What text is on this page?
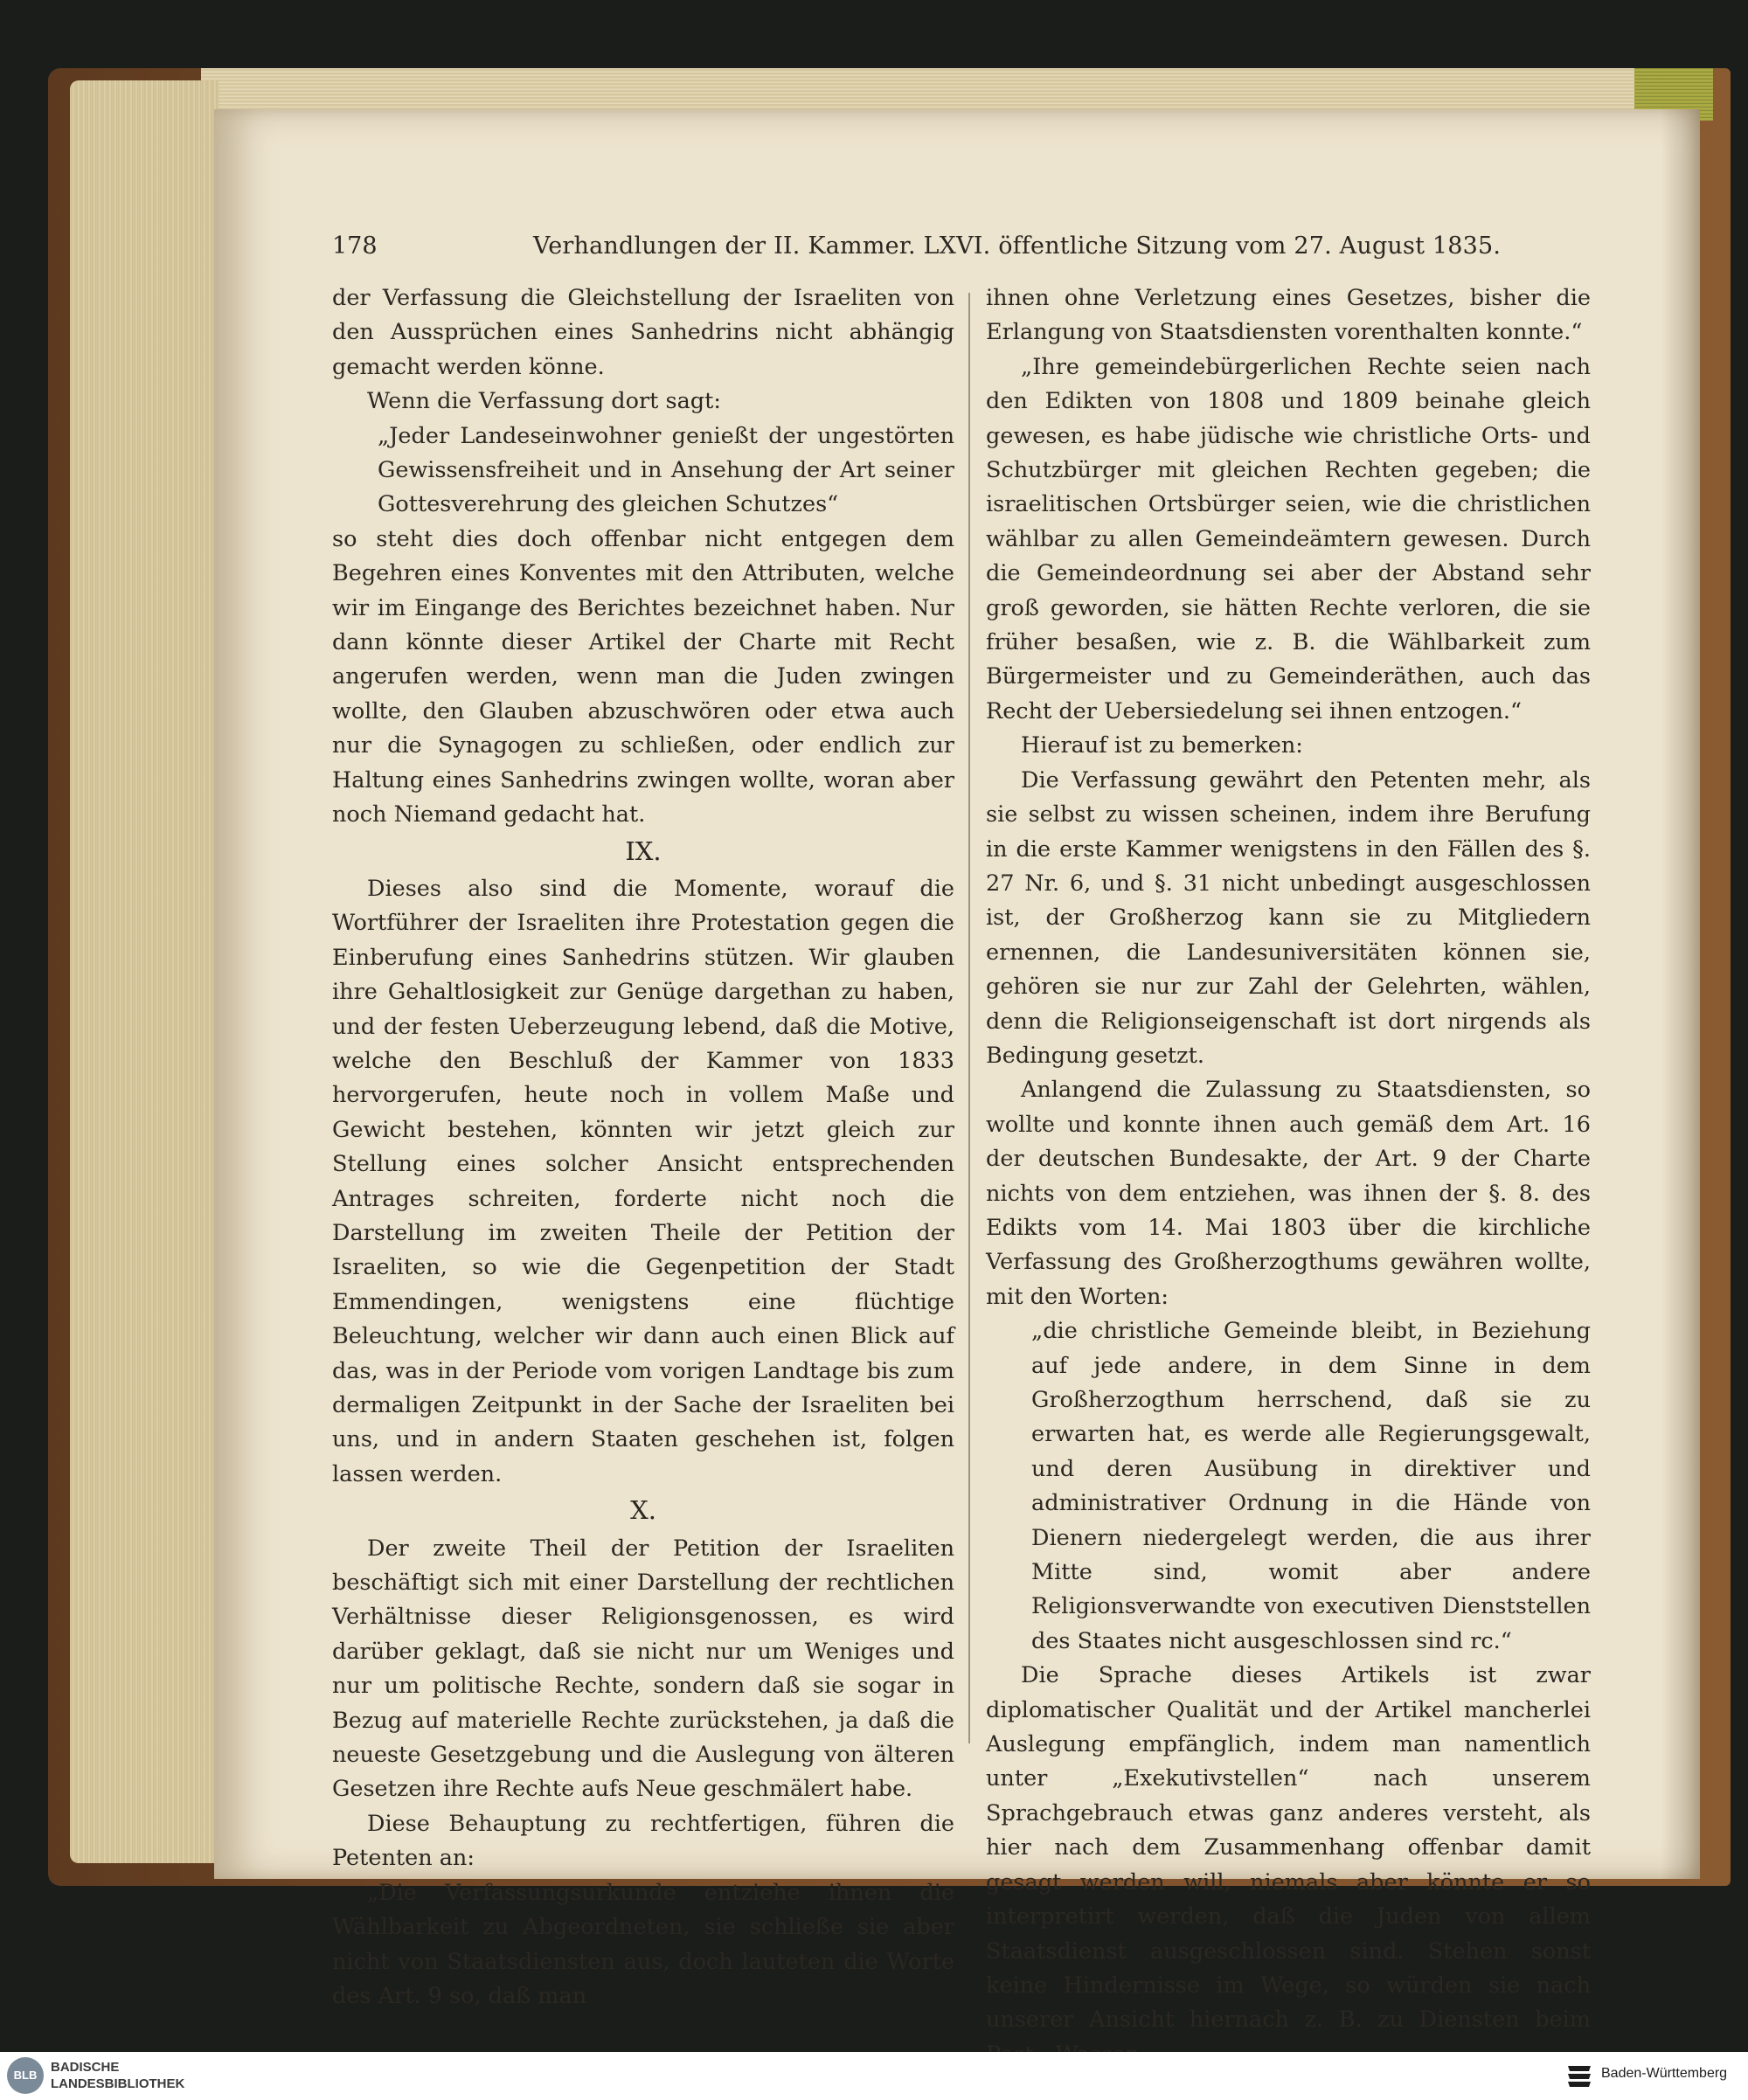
178	Verhandlungen der II. Kammer. LXVI. öffentliche Sitzung vom 27. August 1835.

der Verfassung die Gleichstellung der Israeliten von den Aussprüchen eines Sanhedrins nicht abhängig gemacht werden könne.

Wenn die Verfassung dort sagt:

„Jeder Landeseinwohner genießt der ungestörten Gewissensfreiheit und in Ansehung der Art seiner Gottesverehrung des gleichen Schutzes“

so steht dies doch offenbar nicht entgegen dem Begehren eines Konventes mit den Attributen, welche wir im Eingange des Berichtes bezeichnet haben. Nur dann könnte dieser Artikel der Charte mit Recht angerufen werden, wenn man die Juden zwingen wollte, den Glauben abzuschwören oder etwa auch nur die Synagogen zu schließen, oder endlich zur Haltung eines Sanhedrins zwingen wollte, woran aber noch Niemand gedacht hat.

IX.

Dieses also sind die Momente, worauf die Wortführer der Israeliten ihre Protestation gegen die Einberufung eines Sanhedrins stützen. Wir glauben ihre Gehaltlosigkeit zur Genüge dargethan zu haben, und der festen Ueberzeugung lebend, daß die Motive, welche den Beschluß der Kammer von 1833 hervorgerufen, heute noch in vollem Maße und Gewicht bestehen, könnten wir jetzt gleich zur Stellung eines solcher Ansicht entsprechenden Antrages schreiten, forderte nicht noch die Darstellung im zweiten Theile der Petition der Israeliten, so wie die Gegenpetition der Stadt Emmendingen, wenigstens eine flüchtige Beleuchtung, welcher wir dann auch einen Blick auf das, was in der Periode vom vorigen Landtage bis zum dermaligen Zeitpunkt in der Sache der Israeliten bei uns, und in andern Staaten geschehen ist, folgen lassen werden.

X.

Der zweite Theil der Petition der Israeliten beschäftigt sich mit einer Darstellung der rechtlichen Verhältnisse dieser Religionsgenossen, es wird darüber geklagt, daß sie nicht nur um Weniges und nur um politische Rechte, sondern daß sie sogar in Bezug auf materielle Rechte zurückstehen, ja daß die neueste Gesetzgebung und die Auslegung von älteren Gesetzen ihre Rechte aufs Neue geschmälert habe.

Diese Behauptung zu rechtfertigen, führen die Petenten an:

„Die Verfassungsurkunde entziehe ihnen die Wählbarkeit zu Abgeordneten, sie schließe sie aber nicht von Staatsdiensten aus, doch lauteten die Worte des Art. 9 so, daß man

ihnen ohne Verletzung eines Gesetzes, bisher die Erlangung von Staatsdiensten vorenthalten konnte.“

„Ihre gemeindebürgerlichen Rechte seien nach den Edikten von 1808 und 1809 beinahe gleich gewesen, es habe jüdische wie christliche Orts- und Schutzbürger mit gleichen Rechten gegeben; die israelitischen Ortsbürger seien, wie die christlichen wählbar zu allen Gemeindeämtern gewesen. Durch die Gemeindeordnung sei aber der Abstand sehr groß geworden, sie hätten Rechte verloren, die sie früher besaßen, wie z. B. die Wählbarkeit zum Bürgermeister und zu Gemeinderäthen, auch das Recht der Uebersiedelung sei ihnen entzogen.“

Hierauf ist zu bemerken:

Die Verfassung gewährt den Petenten mehr, als sie selbst zu wissen scheinen, indem ihre Berufung in die erste Kammer wenigstens in den Fällen des §. 27 Nr. 6, und §. 31 nicht unbedingt ausgeschlossen ist, der Großherzog kann sie zu Mitgliedern ernennen, die Landesuniversitäten können sie, gehören sie nur zur Zahl der Gelehrten, wählen, denn die Religionseigenschaft ist dort nirgends als Bedingung gesetzt.

Anlangend die Zulassung zu Staatsdiensten, so wollte und konnte ihnen auch gemäß dem Art. 16 der deutschen Bundesakte, der Art. 9 der Charte nichts von dem entziehen, was ihnen der §. 8. des Edikts vom 14. Mai 1803 über die kirchliche Verfassung des Großherzogthums gewähren wollte, mit den Worten:

„die christliche Gemeinde bleibt, in Beziehung auf jede andere, in dem Sinne in dem Großherzogthum herrschend, daß sie zu erwarten hat, es werde alle Regierungsgewalt, und deren Ausübung in direktiver und administrativer Ordnung in die Hände von Dienern niedergelegt werden, die aus ihrer Mitte sind, womit aber andere Religionsverwandte von executiven Dienststellen des Staates nicht ausgeschlossen sind rc.“

Die Sprache dieses Artikels ist zwar diplomatischer Qualität und der Artikel mancherlei Auslegung empfänglich, indem man namentlich unter „Exekutivstellen“ nach unserem Sprachgebrauch etwas ganz anderes versteht, als hier nach dem Zusammenhang offenbar damit gesagt werden will, niemals aber könnte er so interpretirt werden, daß die Juden von allem Staatsdienst ausgeschlossen sind. Stehen sonst keine Hindernisse im Wege, so würden sie nach unserer Ansicht hiernach z. B. zu Diensten beim

BLB
BADISCHE
LANDESBIBLIOTHEK
Baden-Württemberg
